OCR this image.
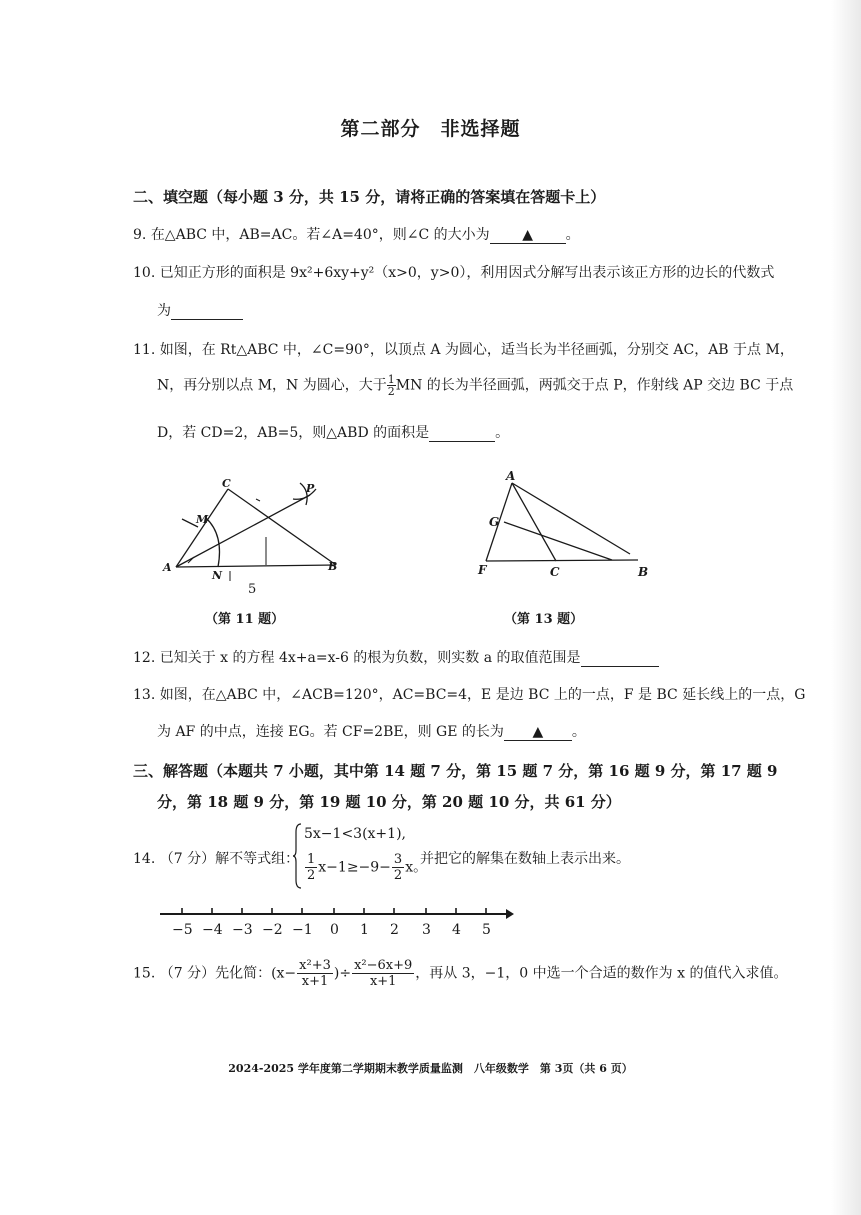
第二部分　非选择题
二、填空题（每小题 3 分，共 15 分，请将正确的答案填在答题卡上）
9. 在△ABC 中，AB=AC。若∠A=40°，则∠C 的大小为 ▲ 。
10. 已知正方形的面积是 9x²+6xy+y²（x>0，y>0），利用因式分解写出表示该正方形的边长的代数式
为
11. 如图，在 Rt△ABC 中，∠C=90°，以顶点 A 为圆心，适当长为半径画弧，分别交 AC，AB 于点 M，
N，再分别以点 M，N 为圆心，大于 $\frac{1}{2}MN$ 的长为半径画弧，两弧交于点 P，作射线 AP 交边 BC 于点
D，若 CD=2，AB=5，则△ABD 的面积是	。
C	P
M
A
N
B
5
（第 11 题）
A
G
F	C	B
（第 13 题）
12. 已知关于 x 的方程 4x+a=x-6 的根为负数，则实数 a 的取值范围是
13. 如图，在△ABC 中，∠ACB=120°，AC=BC=4，E 是边 BC 上的一点，F 是 BC 延长线上的一点，G
为 AF 的中点，连接 EG。若 CF=2BE，则 GE 的长为 ▲ 。
三、解答题（本题共 7 小题，其中第 14 题 7 分，第 15 题 7 分，第 16 题 9 分，第 17 题 9
分，第 18 题 9 分，第 19 题 10 分，第 20 题 10 分，共 61 分）
14. （7 分）解不等式组：
5x−1<3(x+1),
$\frac{1}{2} x-1\ge-9- \frac{3}{2}$ x。
并把它的解集在数轴上表示出来。
−5 −4 −3 −2 −1 0 1 2 3 4 5
15. （7 分）先化简：($x- \frac{\text{x²+3}}{x+1}$ )÷ $\frac{\text{x²−6x+9}}{x+1}$ ，再从 3，−1，0 中选一个合适的数作为 x 的值代入求值。
2024-2025 学年度第二学期期末教学质量监测　八年级数学　第 3页（共 6 页）
